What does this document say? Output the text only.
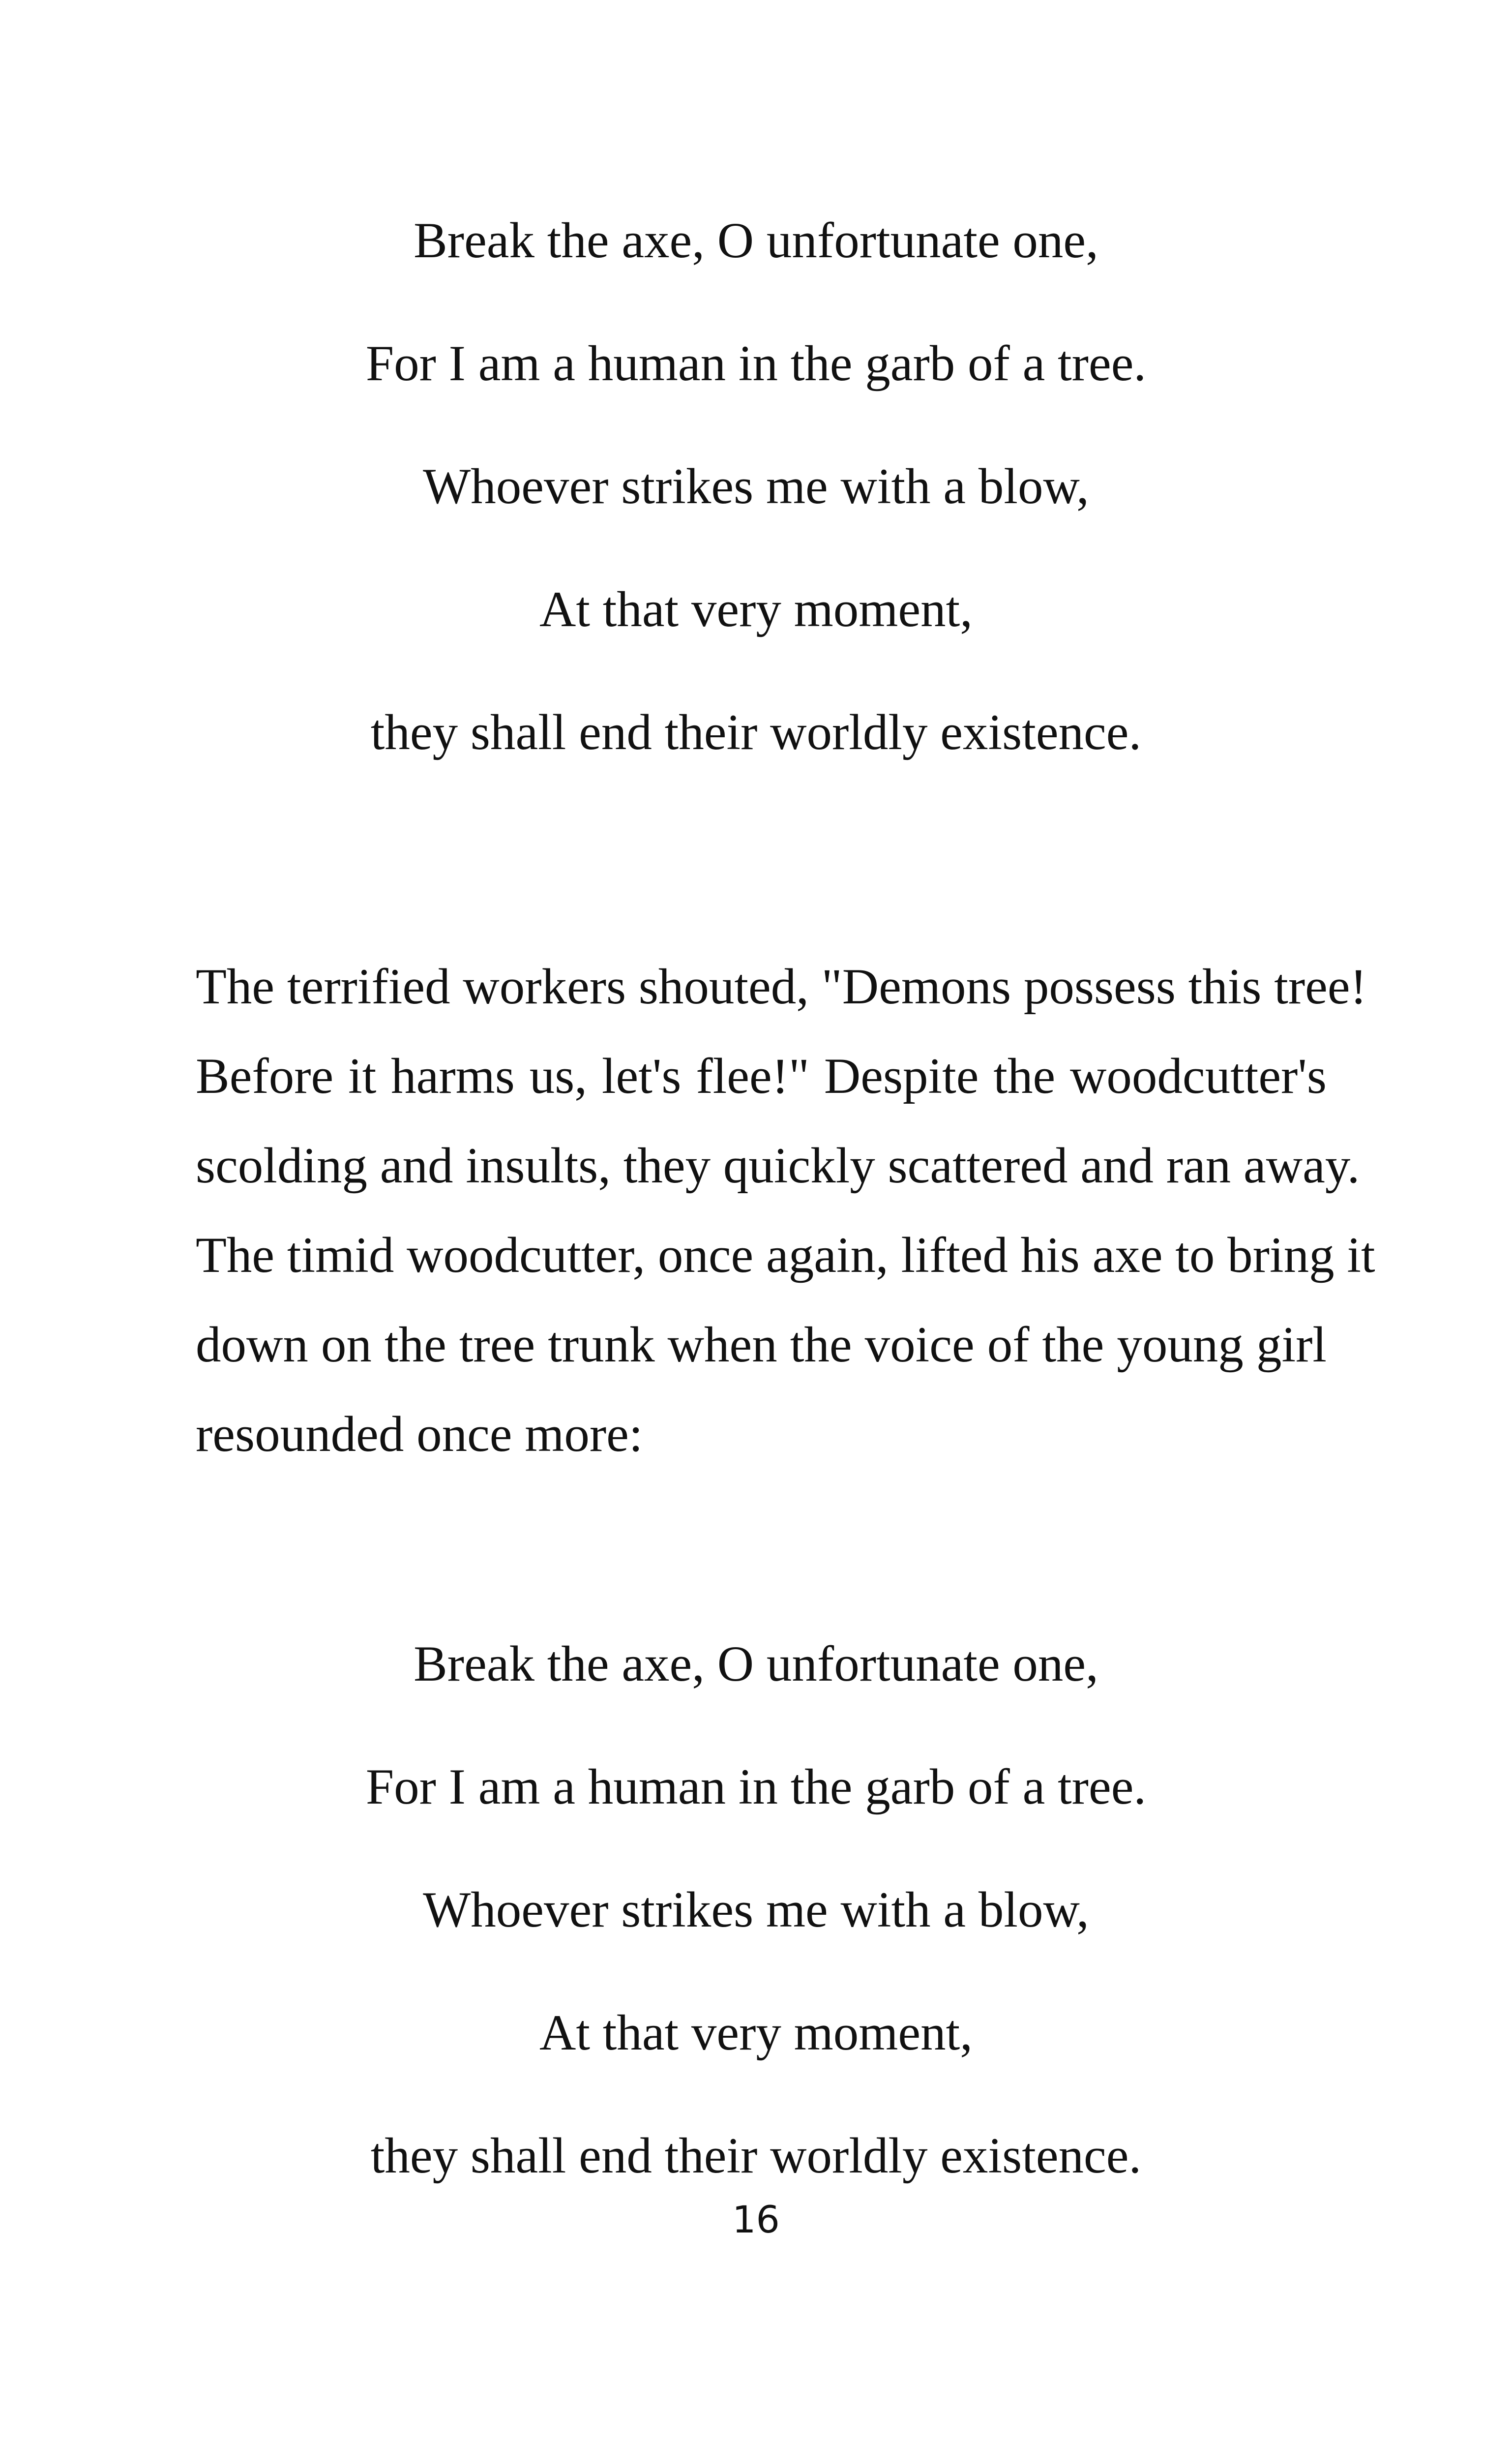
Break the axe, O unfortunate one,
For I am a human in the garb of a tree.
Whoever strikes me with a blow,
At that very moment,
they shall end their worldly existence.

The terrified workers shouted, "Demons possess this tree!
Before it harms us, let's flee!" Despite the woodcutter's
scolding and insults, they quickly scattered and ran away.
The timid woodcutter, once again, lifted his axe to bring it
down on the tree trunk when the voice of the young girl
resounded once more:

Break the axe, O unfortunate one,
For I am a human in the garb of a tree.
Whoever strikes me with a blow,
At that very moment,
they shall end their worldly existence.
16
